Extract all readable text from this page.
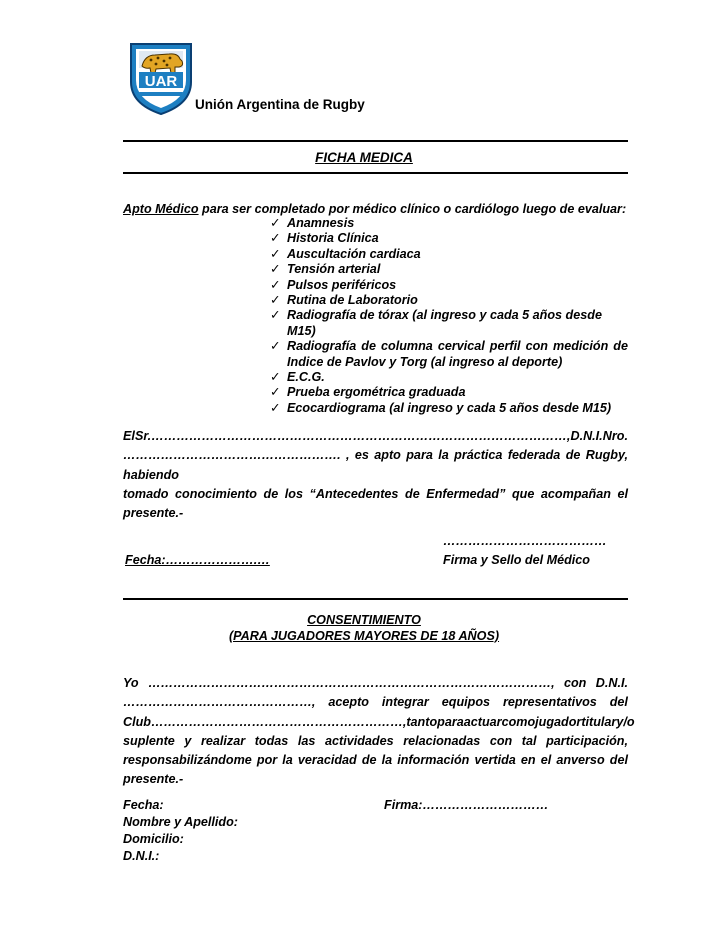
UAR
Unión Argentina de Rugby
FICHA MEDICA
Apto Médico para ser completado por médico clínico o cardiólogo luego de evaluar:
✓ Anamnesis
✓ Historia Clínica
✓ Auscultación cardiaca
✓ Tensión arterial
✓ Pulsos periféricos
✓ Rutina de Laboratorio
✓ Radiografía de tórax (al ingreso y cada 5 años desde M15)
✓ Radiografía de columna cervical perfil con medición de Indice de Pavlov y Torg (al ingreso al deporte)
✓ E.C.G.
✓ Prueba ergométrica graduada
✓ Ecocardiograma (al ingreso y cada 5 años desde M15)
El Sr. ………………………………………………………………………………………, D.N.I. Nro.
……………………………………………. , es apto para la práctica federada de Rugby, habiendo
tomado conocimiento de los “Antecedentes de Enfermedad” que acompañan el
presente.-
…………………………………
Fecha:………………….…	Firma y Sello del Médico
CONSENTIMIENTO
(PARA JUGADORES MAYORES DE 18 AÑOS)
Yo ……………………………………………………………………………………, con D.N.I.
………………………………………, acepto integrar equipos representativos del
Club……………………………………………………, tanto para actuar como jugador titular y/o
suplente y realizar todas las actividades relacionadas con tal participación,
responsabilizándome por la veracidad de la información vertida en el anverso del
presente.-
Fecha:	Firma:…………………………
Nombre y Apellido:
Domicilio:
D.N.I.:
